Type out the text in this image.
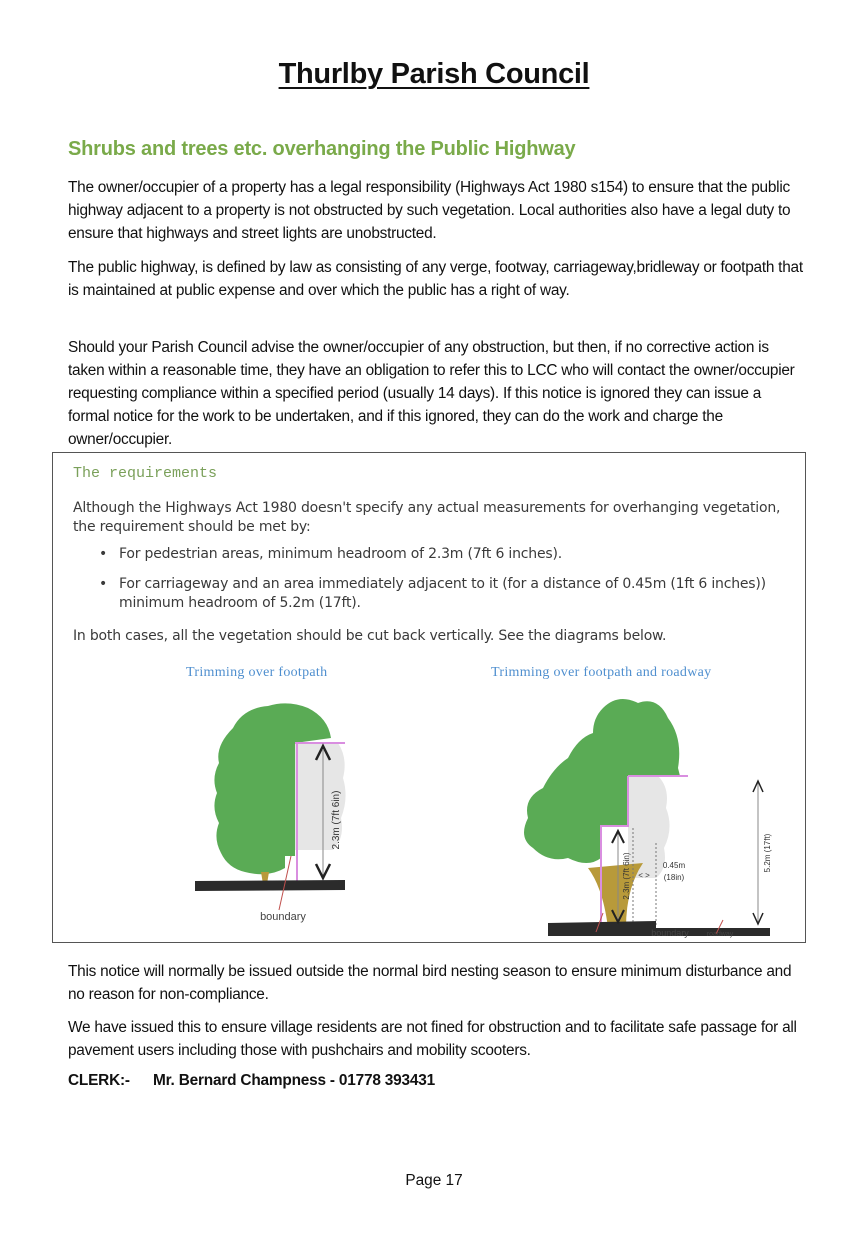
Thurlby Parish Council
Shrubs and trees etc. overhanging the Public Highway

The owner/occupier of a property has a legal responsibility (Highways Act 1980 s154) to ensure that the public highway adjacent to a property is not obstructed by such vegetation. Local authorities also have a legal duty to ensure that highways and street lights are unobstructed.

The public highway, is defined by law as consisting of any verge, footway, carriageway,bridleway or footpath that is maintained at public expense and over which the public has a right of way.

Should your Parish Council advise the owner/occupier of any obstruction, but then, if no corrective action is taken within a reasonable time, they have an obligation to refer this to LCC who will contact the owner/occupier requesting compliance within a specified period (usually 14 days). If this notice is ignored they can issue a formal notice for the work to be undertaken, and if this ignored, they can do the work and charge the owner/occupier.

The requirements
Although the Highways Act 1980 doesn't specify any actual measurements for overhanging vegetation, the requirement should be met by:
• For pedestrian areas, minimum headroom of 2.3m (7ft 6 inches).
• For carriageway and an area immediately adjacent to it (for a distance of 0.45m (1ft 6 inches)) minimum headroom of 5.2m (17ft).
In both cases, all the vegetation should be cut back vertically. See the diagrams below.
Trimming over footpath	Trimming over footpath and roadway
2.3m (7ft 6in)
boundary
2.3m (7ft 6in) < >
0.45m
(18in)
5.2m (17ft)
boundary	roadway

This notice will normally be issued outside the normal bird nesting season to ensure minimum disturbance and no reason for non-compliance.

We have issued this to ensure village residents are not fined for obstruction and to facilitate safe passage for all pavement users including those with pushchairs and mobility scooters.

CLERK:- Mr. Bernard Champness - 01778 393431
Page 17
